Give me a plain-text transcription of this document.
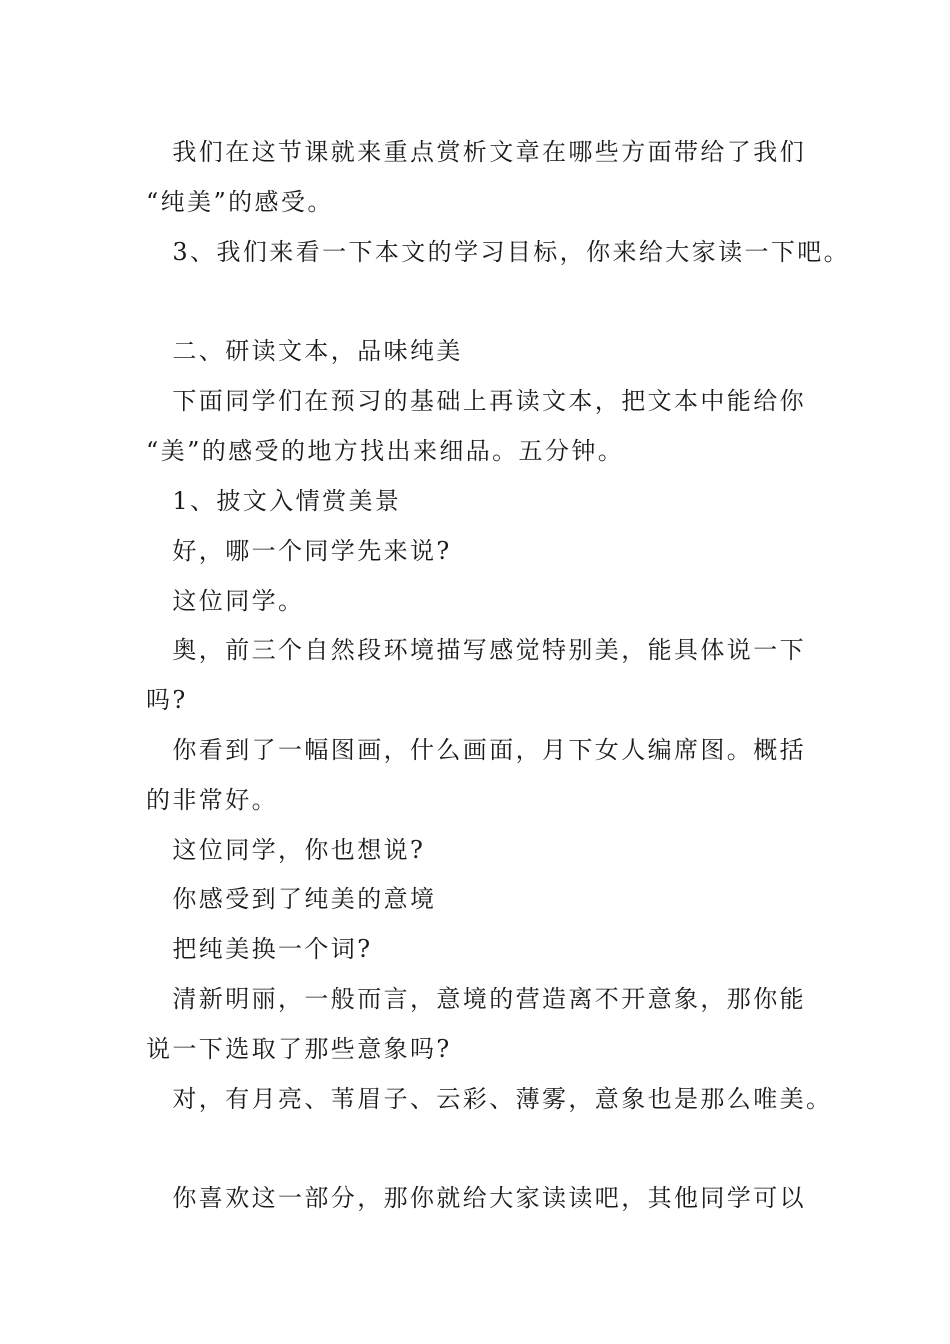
　我们在这节课就来重点赏析文章在哪些方面带给了我们
“纯美”的感受。
　3、我们来看一下本文的学习目标，你来给大家读一下吧。
　二、研读文本，品味纯美
　下面同学们在预习的基础上再读文本，把文本中能给你
“美”的感受的地方找出来细品。五分钟。
　1、披文入情赏美景
　好，哪一个同学先来说?
　这位同学。
　奥，前三个自然段环境描写感觉特别美，能具体说一下
吗?
　你看到了一幅图画，什么画面，月下女人编席图。概括
的非常好。
　这位同学，你也想说?
　你感受到了纯美的意境
　把纯美换一个词?
　清新明丽，一般而言，意境的营造离不开意象，那你能
说一下选取了那些意象吗?
　对，有月亮、苇眉子、云彩、薄雾，意象也是那么唯美。
　你喜欢这一部分，那你就给大家读读吧，其他同学可以
